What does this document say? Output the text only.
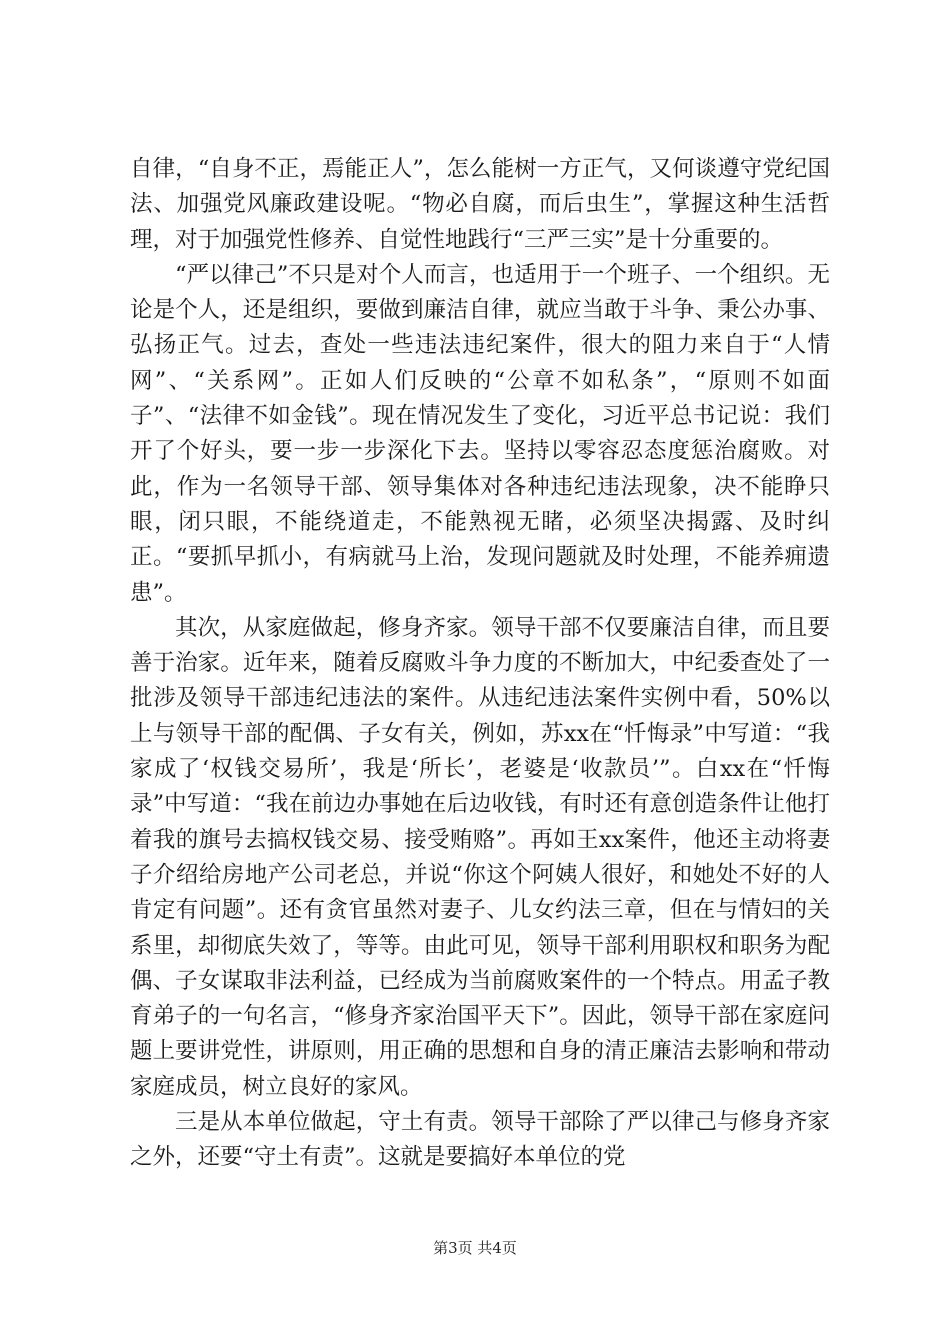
自律，“自身不正，焉能正人”，怎么能树一方正气，又何谈遵守党纪国法、加强党风廉政建设呢。“物必自腐，而后虫生”，掌握这种生活哲理，对于加强党性修养、自觉性地践行“三严三实”是十分重要的。

“严以律己”不只是对个人而言，也适用于一个班子、一个组织。无论是个人，还是组织，要做到廉洁自律，就应当敢于斗争、秉公办事、弘扬正气。过去，查处一些违法违纪案件，很大的阻力来自于“人情网”、“关系网”。正如人们反映的“公章不如私条”，“原则不如面子”、“法律不如金钱”。现在情况发生了变化，习近平总书记说：我们开了个好头，要一步一步深化下去。坚持以零容忍态度惩治腐败。对此，作为一名领导干部、领导集体对各种违纪违法现象，决不能睁只眼，闭只眼，不能绕道走，不能熟视无睹，必须坚决揭露、及时纠正。“要抓早抓小，有病就马上治，发现问题就及时处理，不能养痈遗患”。

其次，从家庭做起，修身齐家。领导干部不仅要廉洁自律，而且要善于治家。近年来，随着反腐败斗争力度的不断加大，中纪委查处了一批涉及领导干部违纪违法的案件。从违纪违法案件实例中看，50%以上与领导干部的配偶、子女有关，例如，苏xx在“忏悔录”中写道：“我家成了‘权钱交易所’，我是‘所长’，老婆是‘收款员’”。白xx在“忏悔录”中写道：“我在前边办事她在后边收钱，有时还有意创造条件让他打着我的旗号去搞权钱交易、接受贿赂”。再如王xx案件，他还主动将妻子介绍给房地产公司老总，并说“你这个阿姨人很好，和她处不好的人肯定有问题”。还有贪官虽然对妻子、儿女约法三章，但在与情妇的关系里，却彻底失效了，等等。由此可见，领导干部利用职权和职务为配偶、子女谋取非法利益，已经成为当前腐败案件的一个特点。用孟子教育弟子的一句名言，“修身齐家治国平天下”。因此，领导干部在家庭问题上要讲党性，讲原则，用正确的思想和自身的清正廉洁去影响和带动家庭成员，树立良好的家风。

三是从本单位做起，守土有责。领导干部除了严以律己与修身齐家之外，还要“守土有责”。这就是要搞好本单位的党

第3页 共4页
